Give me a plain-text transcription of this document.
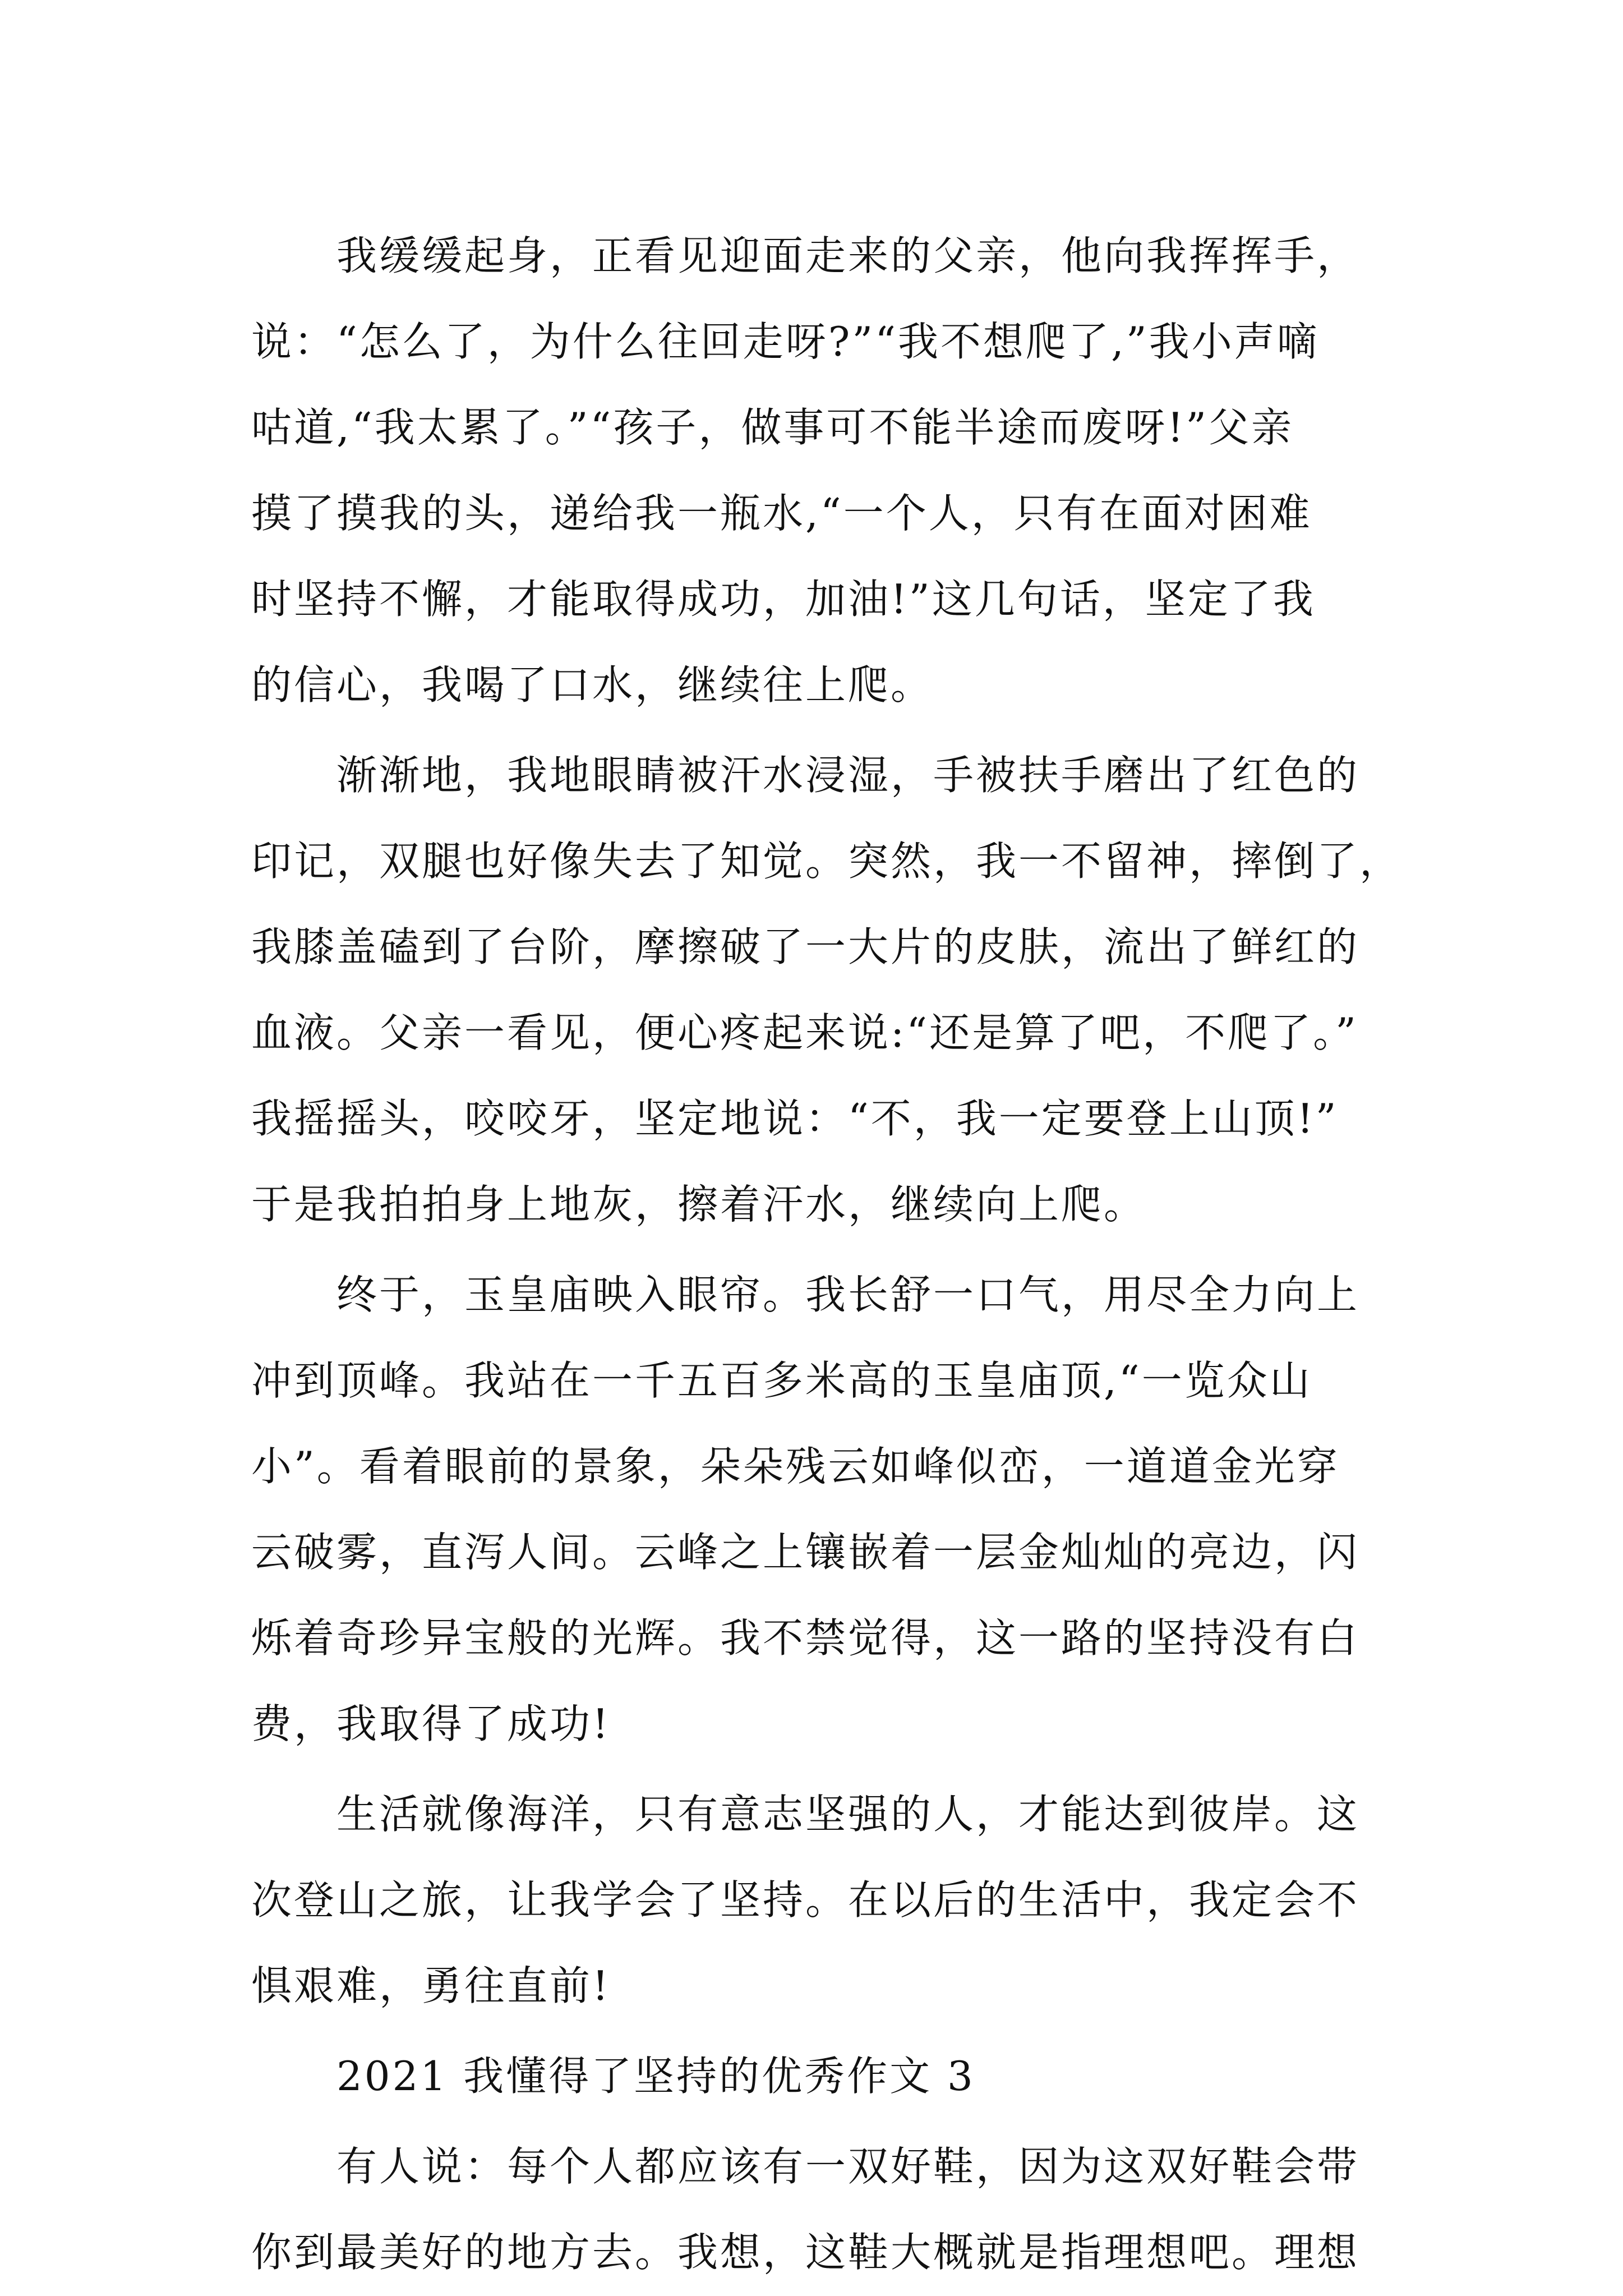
　　我缓缓起身，正看见迎面走来的父亲，他向我挥挥手，
说：“怎么了，为什么往回走呀?”“我不想爬了,”我小声嘀
咕道,“我太累了。”“孩子，做事可不能半途而废呀!”父亲
摸了摸我的头，递给我一瓶水,“一个人，只有在面对困难
时坚持不懈，才能取得成功，加油!”这几句话，坚定了我
的信心，我喝了口水，继续往上爬。
　　渐渐地，我地眼睛被汗水浸湿，手被扶手磨出了红色的
印记，双腿也好像失去了知觉。突然，我一不留神，摔倒了，
我膝盖磕到了台阶，摩擦破了一大片的皮肤，流出了鲜红的
血液。父亲一看见，便心疼起来说:“还是算了吧，不爬了。”
我摇摇头，咬咬牙，坚定地说：“不，我一定要登上山顶!”
于是我拍拍身上地灰，擦着汗水，继续向上爬。
　　终于，玉皇庙映入眼帘。我长舒一口气，用尽全力向上
冲到顶峰。我站在一千五百多米高的玉皇庙顶,“一览众山
小”。看着眼前的景象，朵朵残云如峰似峦，一道道金光穿
云破雾，直泻人间。云峰之上镶嵌着一层金灿灿的亮边，闪
烁着奇珍异宝般的光辉。我不禁觉得，这一路的坚持没有白
费，我取得了成功!
　　生活就像海洋，只有意志坚强的人，才能达到彼岸。这
次登山之旅，让我学会了坚持。在以后的生活中，我定会不
惧艰难，勇往直前!
　　2021 我懂得了坚持的优秀作文 3
　　有人说：每个人都应该有一双好鞋，因为这双好鞋会带
你到最美好的地方去。我想，这鞋大概就是指理想吧。理想
